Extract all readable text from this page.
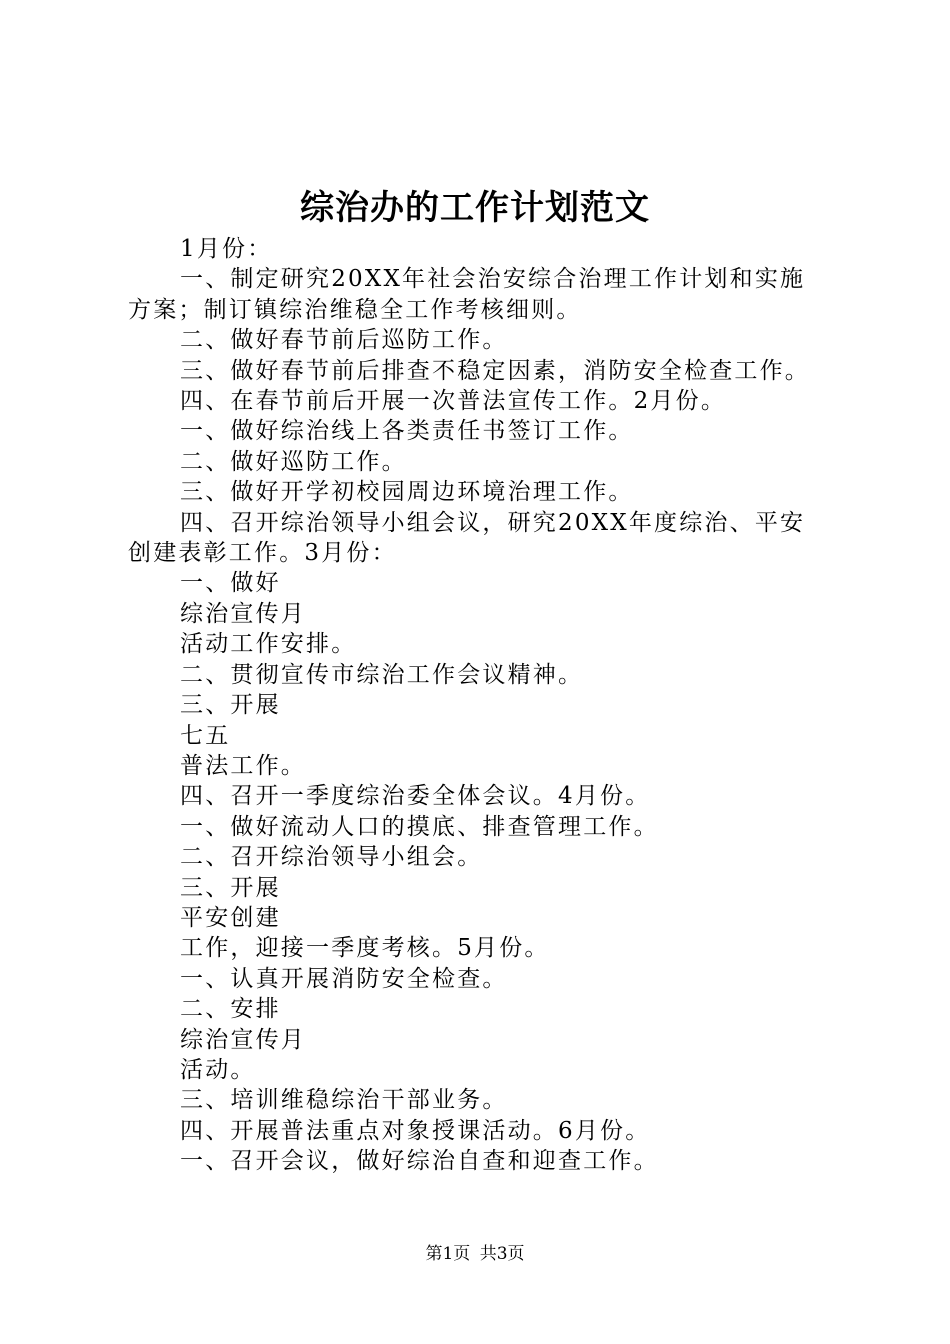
综治办的工作计划范文

1月份：

一、制定研究20XX年社会治安综合治理工作计划和实施方案；制订镇综治维稳全工作考核细则。

二、做好春节前后巡防工作。

三、做好春节前后排查不稳定因素，消防安全检查工作。

四、在春节前后开展一次普法宣传工作。2月份。

一、做好综治线上各类责任书签订工作。

二、做好巡防工作。

三、做好开学初校园周边环境治理工作。

四、召开综治领导小组会议，研究20XX年度综治、平安创建表彰工作。3月份：

一、做好

综治宣传月

活动工作安排。

二、贯彻宣传市综治工作会议精神。

三、开展

七五

普法工作。

四、召开一季度综治委全体会议。4月份。

一、做好流动人口的摸底、排查管理工作。

二、召开综治领导小组会。

三、开展

平安创建

工作，迎接一季度考核。5月份。

一、认真开展消防安全检查。

二、安排

综治宣传月

活动。

三、培训维稳综治干部业务。

四、开展普法重点对象授课活动。6月份。

一、召开会议，做好综治自查和迎查工作。

第1页 共3页
